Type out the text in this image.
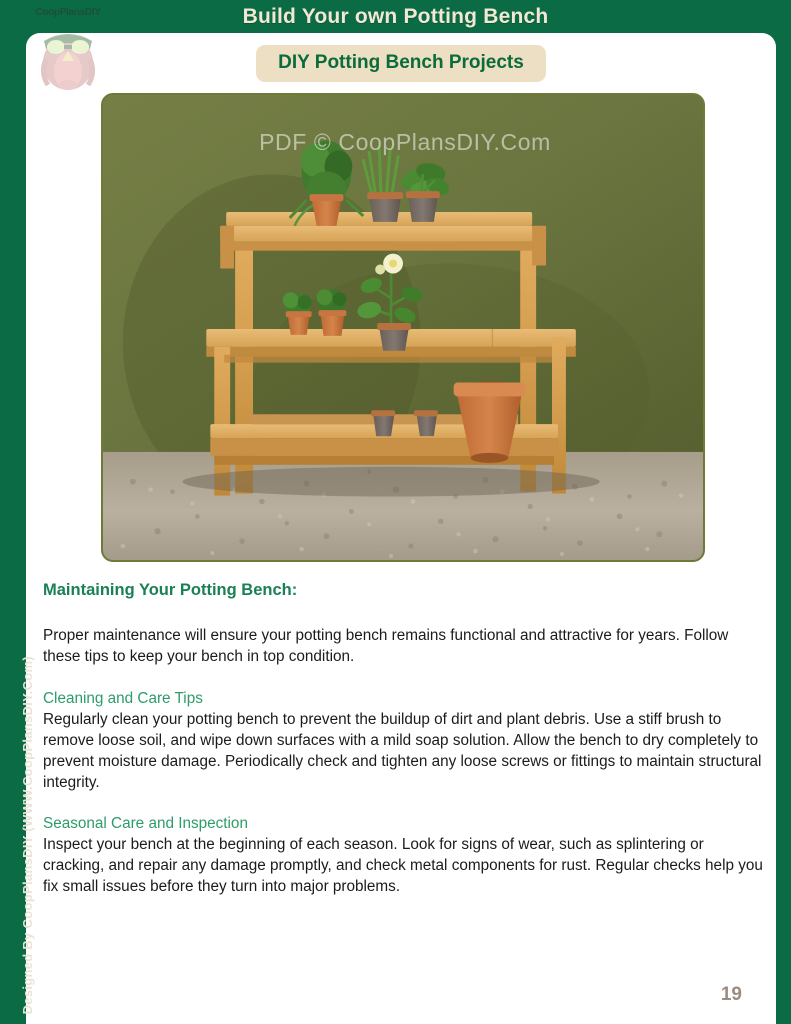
Build Your own Potting Bench
Designed By CoopPlansDIY (WWW.CoopPlansDIY.Com)
DIY Potting Bench Projects
PDF © CoopPlansDIY.Com
Maintaining Your Potting Bench:
Proper maintenance will ensure your potting bench remains functional and attractive for years. Follow these tips to keep your bench in top condition.
Cleaning and Care Tips
Regularly clean your potting bench to prevent the buildup of dirt and plant debris. Use a stiff brush to remove loose soil, and wipe down surfaces with a mild soap solution. Allow the bench to dry completely to prevent moisture damage. Periodically check and tighten any loose screws or fittings to maintain structural integrity.
Seasonal Care and Inspection
Inspect your bench at the beginning of each season. Look for signs of wear, such as splintering or cracking, and repair any damage promptly, and check metal components for rust. Regular checks help you fix small issues before they turn into major problems.
19
CoopPlansDIY
